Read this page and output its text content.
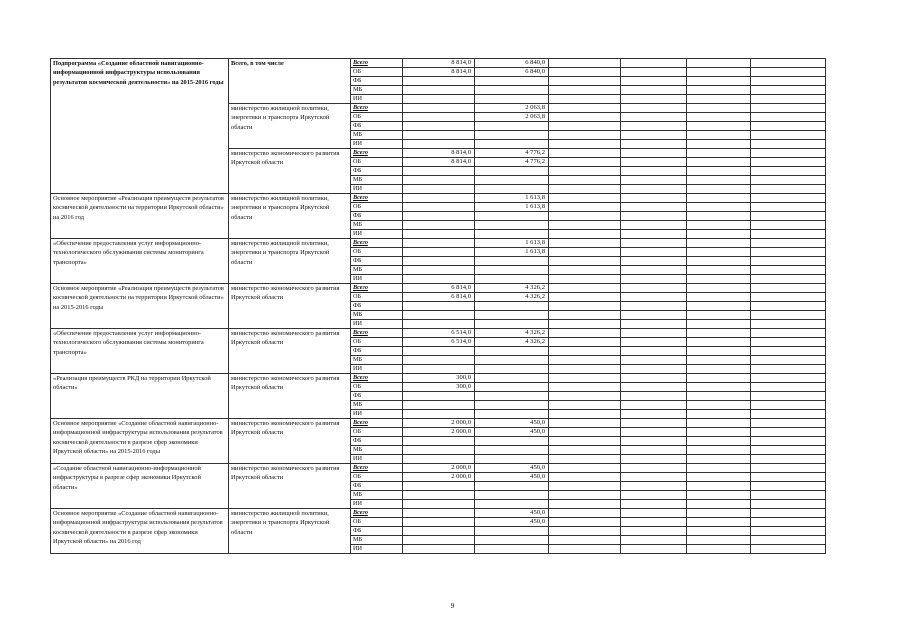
Подпрограмма «Создание областной навигационно-информационной инфраструктуры использования результатов космической деятельности» на 2015-2016 годы	Всего, в том числе	Всего	8 814,0	6 840,0				
		ОБ	8 814,0	6 840,0				
		ФБ						
		МБ						
		ИИ						
	министерство жилищной политики, энергетики и транспорта Иркутской области	Всего		2 063,8				
		ОБ		2 063,8				
		ФБ						
		МБ						
		ИИ						
	министерство экономического развития Иркутской области	Всего	8 814,0	4 776,2				
		ОБ	8 814,0	4 776,2				
		ФБ						
		МБ						
		ИИ						
Основное мероприятие «Реализация преимуществ результатов космической деятельности на территории Иркутской области» на 2016 год	министерство жилищной политики, энергетики и транспорта Иркутской области	Всего		1 613,8				
		ОБ		1 613,8				
		ФБ						
		МБ						
		ИИ						
«Обеспечение предоставления услуг информационно-технологического обслуживания системы мониторинга транспорта»	министерство жилищной политики, энергетики и транспорта Иркутской области	Всего		1 613,8				
		ОБ		1 613,8				
		ФБ						
		МБ						
		ИИ						
Основное мероприятие «Реализация преимуществ результатов космической деятельности на территории Иркутской области» на 2015-2016 годы	министерство экономического развития Иркутской области	Всего	6 814,0	4 326,2				
		ОБ	6 814,0	4 326,2				
		ФБ						
		МБ						
		ИИ						
«Обеспечение предоставления услуг информационно-технологического обслуживания системы мониторинга транспорта»	министерство экономического развития Иркутской области	Всего	6 514,0	4 326,2				
		ОБ	6 514,0	4 326,2				
		ФБ						
		МБ						
		ИИ						
«Реализация преимуществ РКД на территории Иркутской области»	министерство экономического развития Иркутской области	Всего	300,0					
		ОБ	300,0					
		ФБ						
		МБ						
		ИИ						
Основное мероприятие «Создание областной навигационно-информационной инфраструктуры использования результатов космической деятельности в разрезе сфер экономики Иркутской области» на 2015-2016 годы	министерство экономического развития Иркутской области	Всего	2 000,0	450,0				
		ОБ	2 000,0	450,0				
		ФБ						
		МБ						
		ИИ						
«Создание областной навигационно-информационной инфраструктуры в разрезе сфер экономики Иркутской области»	министерство экономического развития Иркутской области	Всего	2 000,0	450,0				
		ОБ	2 000,0	450,0				
		ФБ						
		МБ						
		ИИ						
Основное мероприятие «Создание областной навигационно-информационной инфраструктуры использования результатов космической деятельности в разрезе сфер экономики Иркутской области» на 2016 год	министерство жилищной политики, энергетики и транспорта Иркутской области	Всего		450,0				
		ОБ		450,0				
		ФБ						
		МБ						
		ИИ						
9
